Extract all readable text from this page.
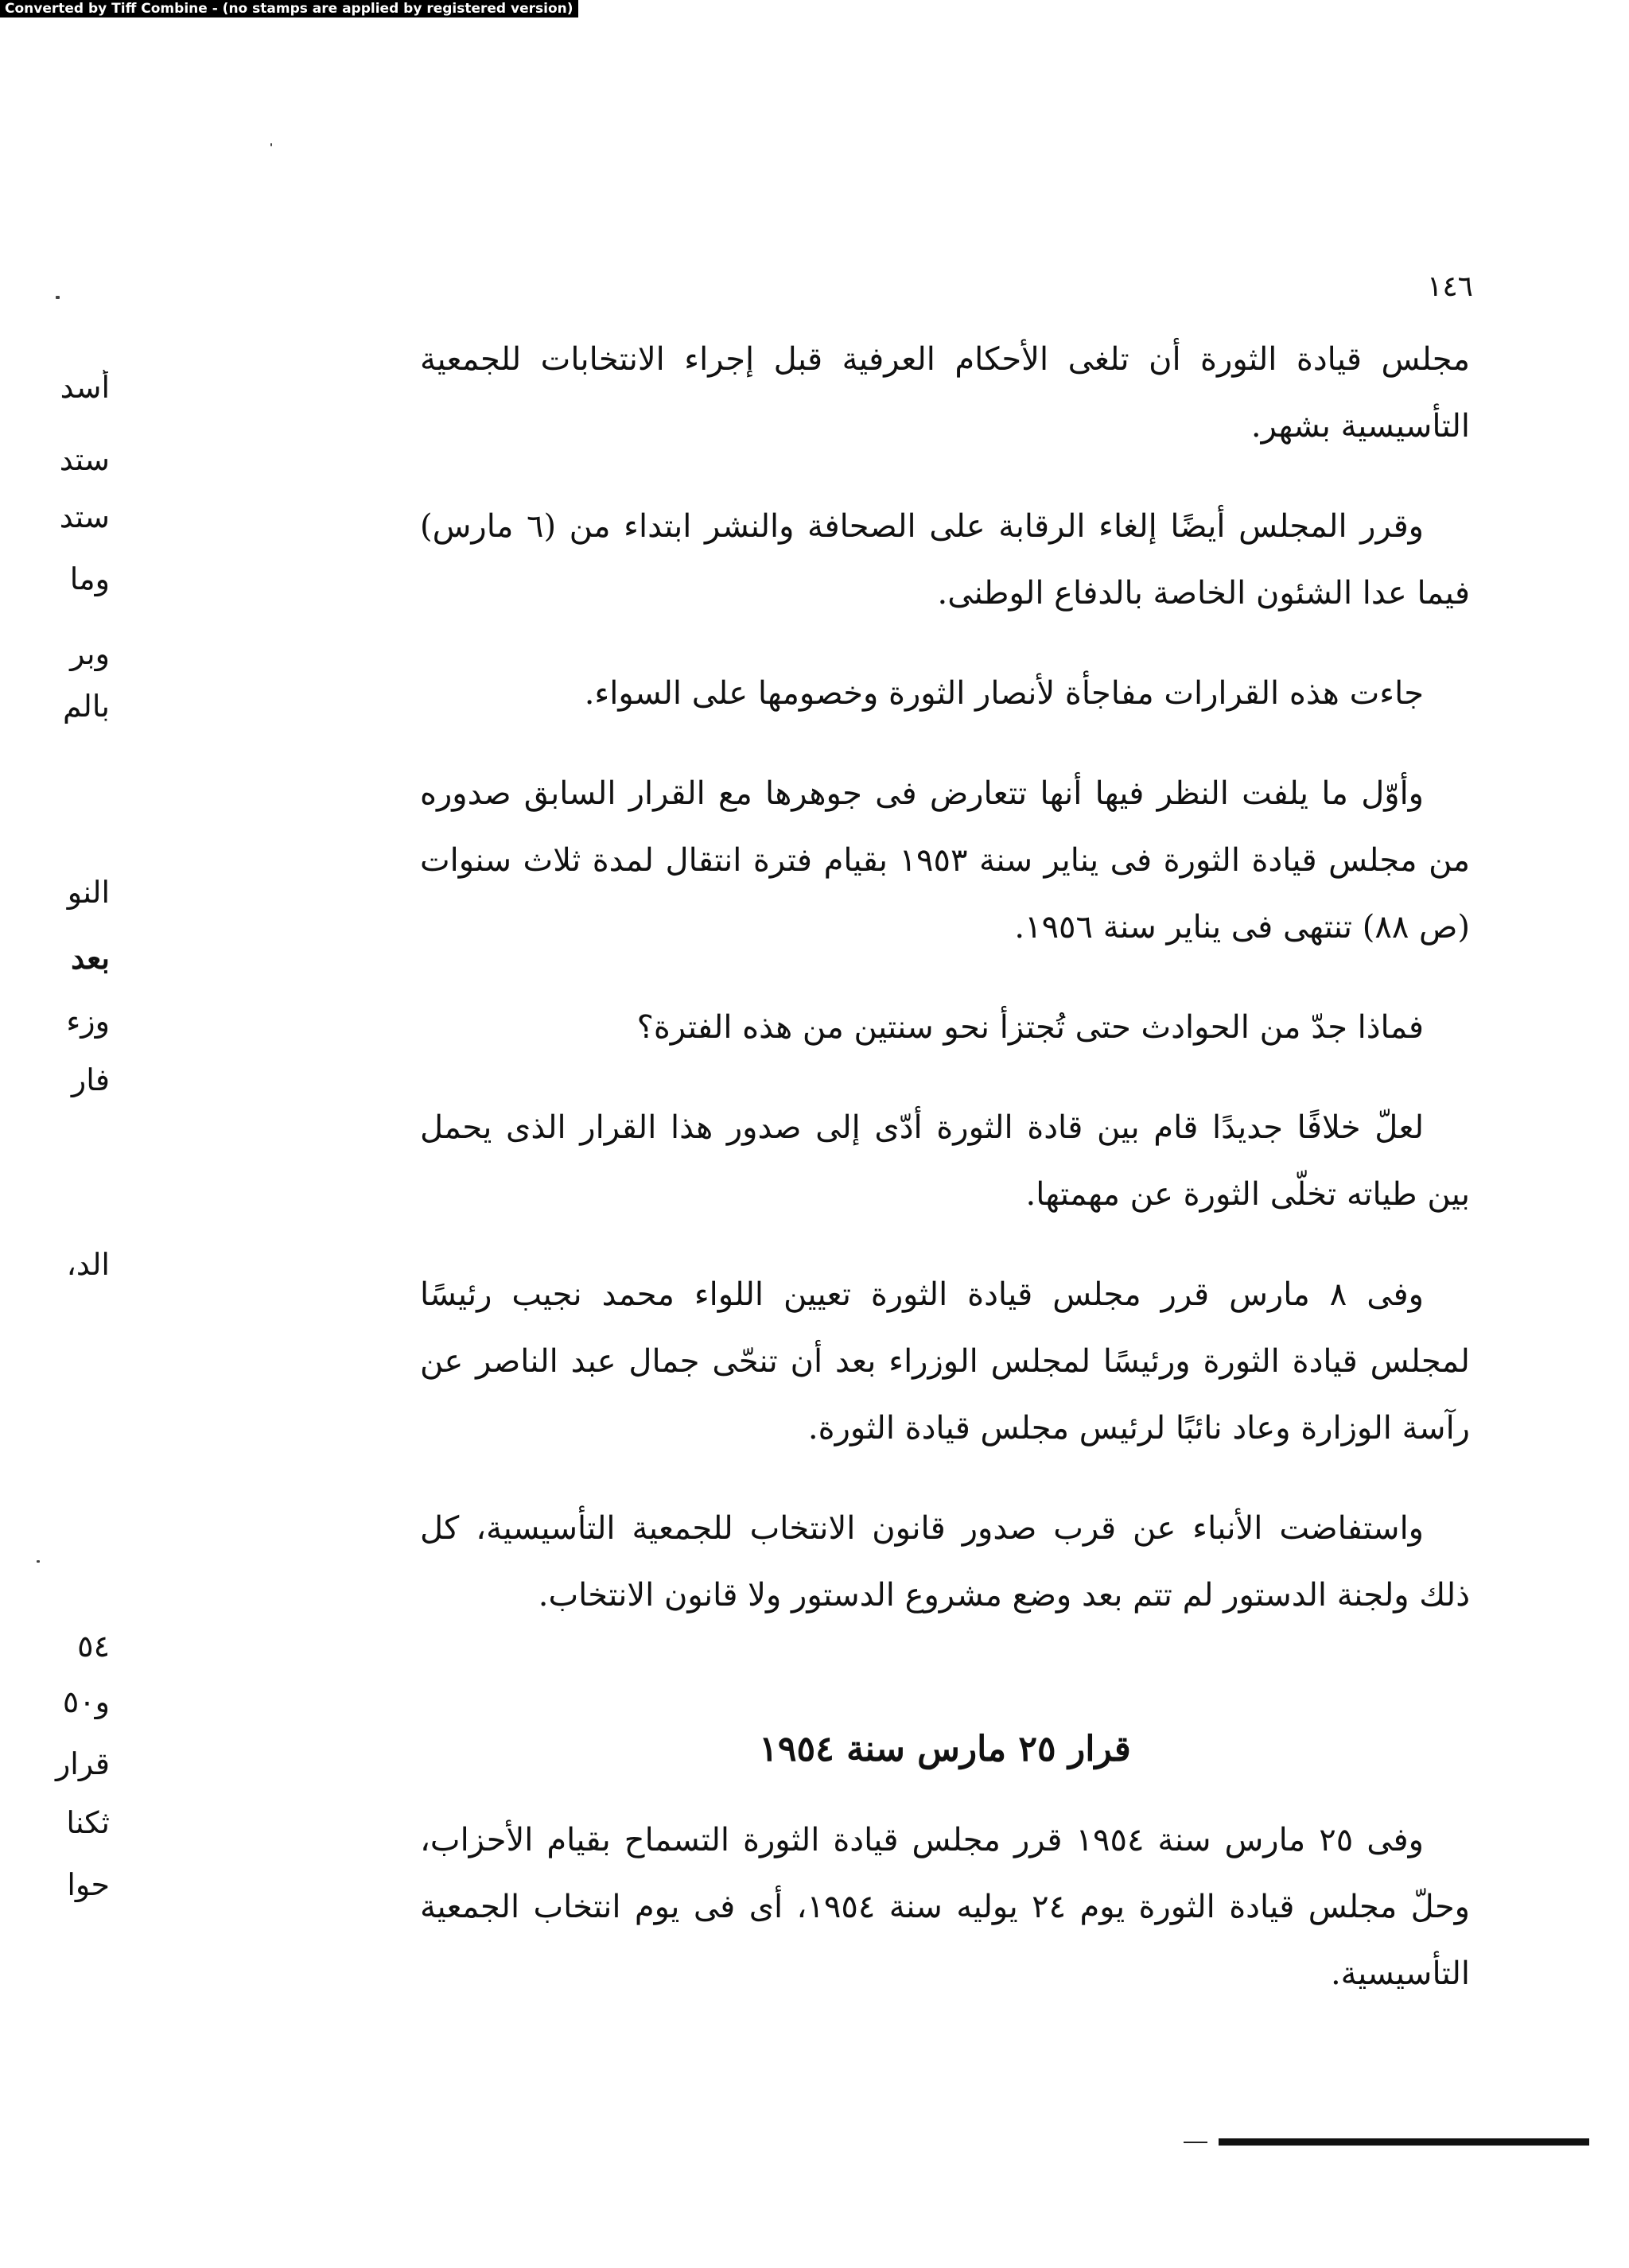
Converted by Tiff Combine - (no stamps are applied by registered version)
١٤٦
أسد
ستد
ستد
وما
وبر
بالم
النو
بعد
وزء
فار
الد،
٥٤
و٥٠
قرار
ثكنا
حوا

مجلس قيادة الثورة أن تلغى الأحكام العرفية قبل إجراء الانتخابات للجمعية التأسيسية بشهر.

وقرر المجلس أيضًا إلغاء الرقابة على الصحافة والنشر ابتداء من (٦ مارس) فيما عدا الشئون الخاصة بالدفاع الوطنى.

جاءت هذه القرارات مفاجأة لأنصار الثورة وخصومها على السواء.

وأوّل ما يلفت النظر فيها أنها تتعارض فى جوهرها مع القرار السابق صدوره من مجلس قيادة الثورة فى يناير سنة ١٩٥٣ بقيام فترة انتقال لمدة ثلاث سنوات (ص ٨٨) تنتهى فى يناير سنة ١٩٥٦.

فماذا جدّ من الحوادث حتى تُجتزأ نحو سنتين من هذه الفترة؟

لعلّ خلافًا جديدًا قام بين قادة الثورة أدّى إلى صدور هذا القرار الذى يحمل بين طياته تخلّى الثورة عن مهمتها.

وفى ٨ مارس قرر مجلس قيادة الثورة تعيين اللواء محمد نجيب رئيسًا لمجلس قيادة الثورة ورئيسًا لمجلس الوزراء بعد أن تنحّى جمال عبد الناصر عن رآسة الوزارة وعاد نائبًا لرئيس مجلس قيادة الثورة.

واستفاضت الأنباء عن قرب صدور قانون الانتخاب للجمعية التأسيسية، كل ذلك ولجنة الدستور لم تتم بعد وضع مشروع الدستور ولا قانون الانتخاب.

قرار ٢٥ مارس سنة ١٩٥٤

وفى ٢٥ مارس سنة ١٩٥٤ قرر مجلس قيادة الثورة التسماح بقيام الأحزاب، وحلّ مجلس قيادة الثورة يوم ٢٤ يوليه سنة ١٩٥٤، أى فى يوم انتخاب الجمعية التأسيسية.
